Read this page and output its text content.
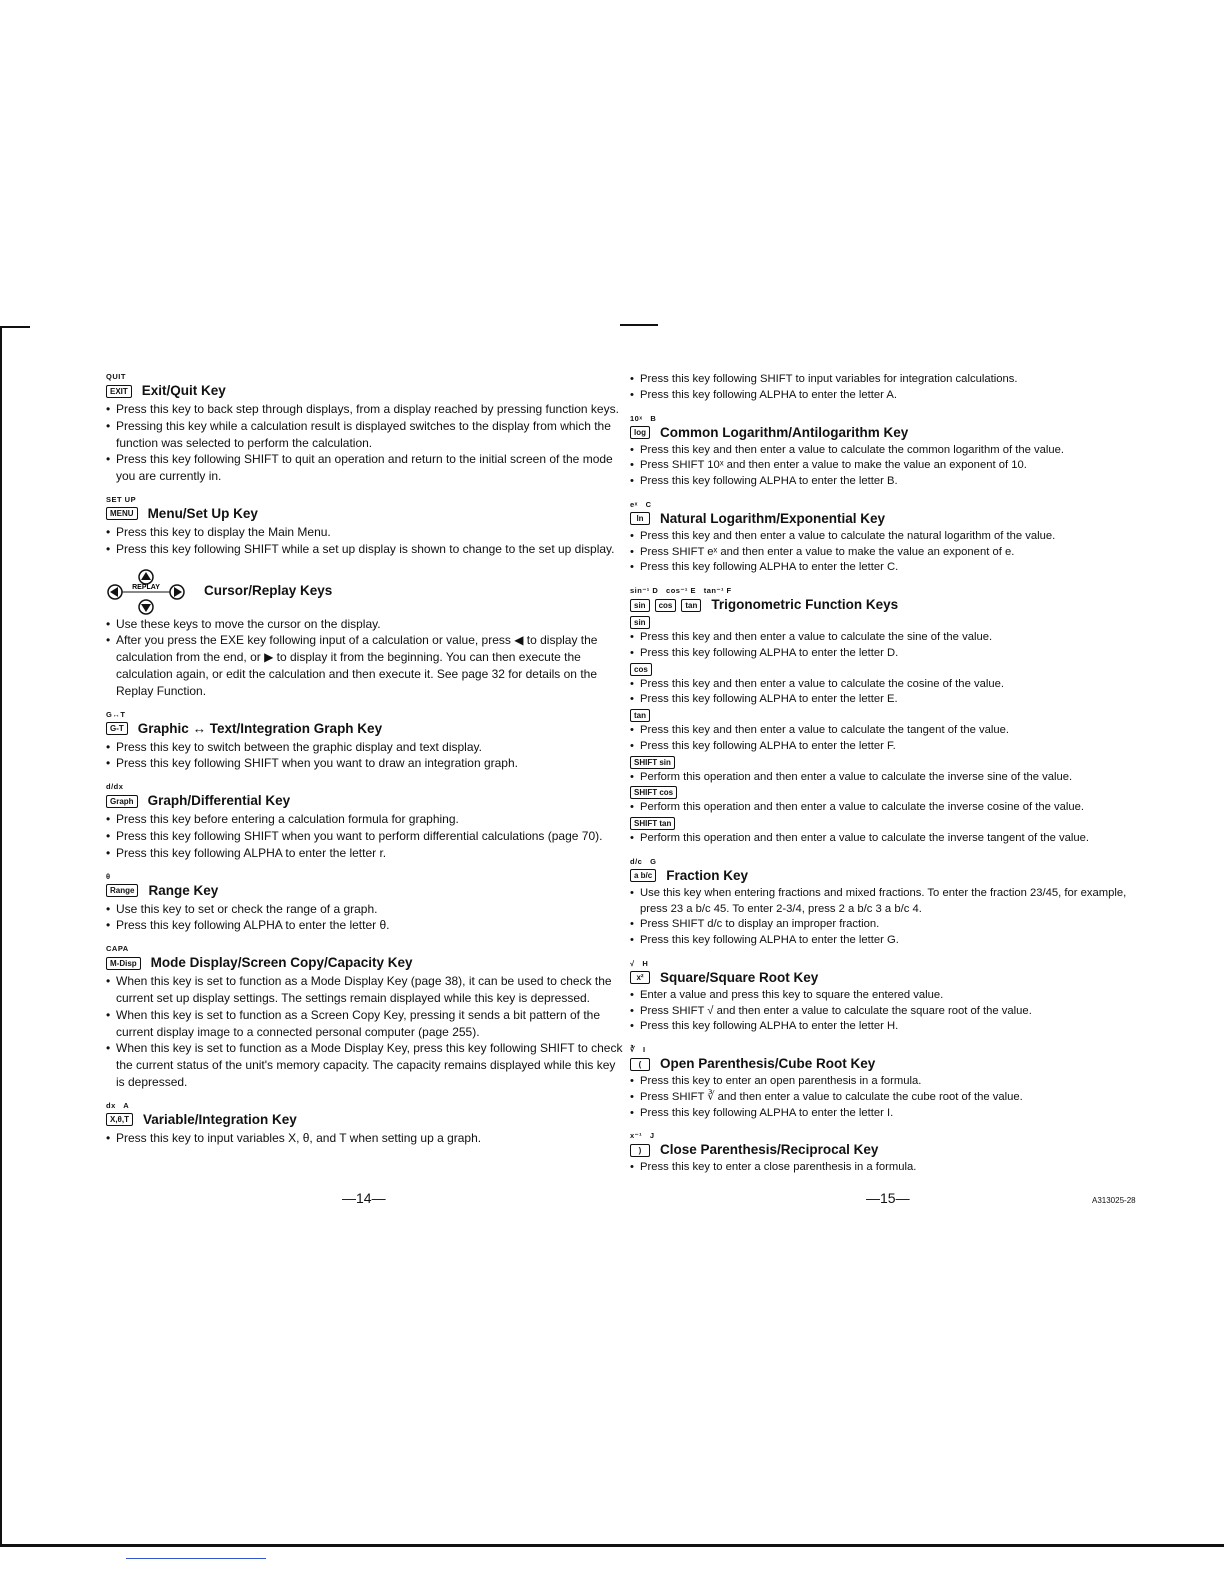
QUIT
EXIT Exit/Quit Key

• Press this key to back step through displays, from a display reached by pressing function keys.

• Pressing this key while a calculation result is displayed switches to the display from which the function was selected to perform the calculation.

• Press this key following SHIFT to quit an operation and return to the initial screen of the mode you are currently in.

SET UP
MENU Menu/Set Up Key

• Press this key to display the Main Menu.

• Press this key following SHIFT while a set up display is shown to change to the set up display.

REPLAY	Cursor/Replay Keys

• Use these keys to move the cursor on the display.

• After you press the EXE key following input of a calculation or value, press ◀ to display the calculation from the end, or ▶ to display it from the beginning. You can then execute the calculation again, or edit the calculation and then execute it. See page 32 for details on the Replay Function.

G↔T
G-T Graphic ↔ Text/Integration Graph Key

• Press this key to switch between the graphic display and text display.

• Press this key following SHIFT when you want to draw an integration graph.

d/dx
Graph Graph/Differential Key

• Press this key before entering a calculation formula for graphing.

• Press this key following SHIFT when you want to perform differential calculations (page 70).

• Press this key following ALPHA to enter the letter r.

θ
Range Range Key

• Use this key to set or check the range of a graph.

• Press this key following ALPHA to enter the letter θ.

CAPA
M-Disp Mode Display/Screen Copy/Capacity Key

• When this key is set to function as a Mode Display Key (page 38), it can be used to check the current set up display settings. The settings remain displayed while this key is depressed.

• When this key is set to function as a Screen Copy Key, pressing it sends a bit pattern of the current display image to a connected personal computer (page 255).

• When this key is set to function as a Mode Display Key, press this key following SHIFT to check the current status of the unit's memory capacity. The capacity remains displayed while this key is depressed.

dx   A
X,θ,T Variable/Integration Key

• Press this key to input variables X, θ, and T when setting up a graph.

• Press this key following SHIFT to input variables for integration calculations.

• Press this key following ALPHA to enter the letter A.

10ˣ   B
log Common Logarithm/Antilogarithm Key

• Press this key and then enter a value to calculate the common logarithm of the value.

• Press SHIFT 10ˣ and then enter a value to make the value an exponent of 10.

• Press this key following ALPHA to enter the letter B.

eˣ   C
ln	Natural Logarithm/Exponential Key

• Press this key and then enter a value to calculate the natural logarithm of the value.

• Press SHIFT eˣ and then enter a value to make the value an exponent of e.

• Press this key following ALPHA to enter the letter C.

sin⁻¹ D   cos⁻¹ E   tan⁻¹ F
sin	cos	tan Trigonometric Function Keys
sin

• Press this key and then enter a value to calculate the sine of the value.

• Press this key following ALPHA to enter the letter D.

cos

• Press this key and then enter a value to calculate the cosine of the value.

• Press this key following ALPHA to enter the letter E.

tan

• Press this key and then enter a value to calculate the tangent of the value.

• Press this key following ALPHA to enter the letter F.

SHIFT sin

• Perform this operation and then enter a value to calculate the inverse sine of the value.

SHIFT cos

• Perform this operation and then enter a value to calculate the inverse cosine of the value.

SHIFT tan

• Perform this operation and then enter a value to calculate the inverse tangent of the value.

d/c   G
a b/c Fraction Key

• Use this key when entering fractions and mixed fractions. To enter the fraction 23/45, for example, press 23 a b/c 45. To enter 2-3/4, press 2 a b/c 3 a b/c 4.

• Press SHIFT d/c to display an improper fraction.

• Press this key following ALPHA to enter the letter G.

√   H
x²	Square/Square Root Key

• Enter a value and press this key to square the entered value.

• Press SHIFT √ and then enter a value to calculate the square root of the value.

• Press this key following ALPHA to enter the letter H.

∛   I
(	Open Parenthesis/Cube Root Key

• Press this key to enter an open parenthesis in a formula.

• Press SHIFT ∛ and then enter a value to calculate the cube root of the value.

• Press this key following ALPHA to enter the letter I.

x⁻¹   J
)	Close Parenthesis/Reciprocal Key

• Press this key to enter a close parenthesis in a formula.

—14—	—15—	A313025-28
